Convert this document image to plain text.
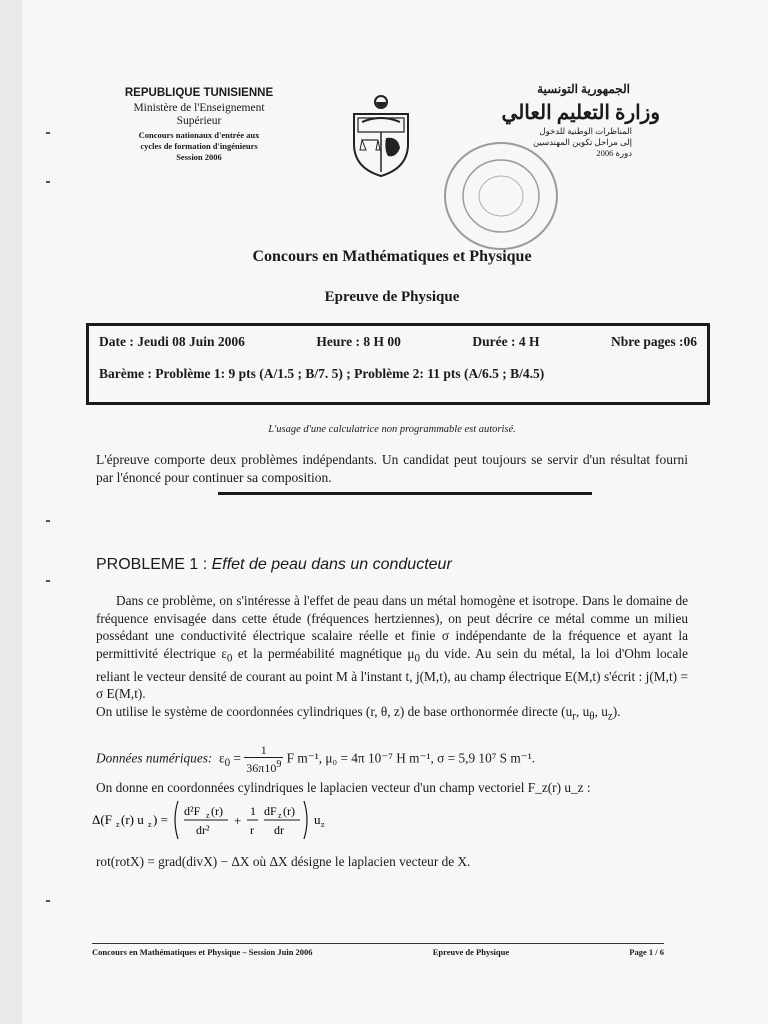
REPUBLIQUE TUNISIENNE
Ministère de l'Enseignement
Supérieur
Concours nationaux d'entrée aux
cycles de formation d'ingénieurs
Session 2006
الجمهورية التونسية
وزارة التعليم العالي
المناظرات الوطنية للدخول
إلى مراحل تكوين المهندسين
دورة 2006
Concours en Mathématiques et Physique
Epreuve de Physique
Date : Jeudi 08 Juin 2006	Heure : 8 H 00	Durée : 4 H	Nbre pages :06
Barème : Problème 1: 9 pts (A/1.5 ; B/7. 5) ; Problème 2: 11 pts (A/6.5 ; B/4.5)
L'usage d'une calculatrice non programmable est autorisé.
L'épreuve comporte deux problèmes indépendants. Un candidat peut toujours se servir d'un résultat fourni par l'énoncé pour continuer sa composition.
PROBLEME 1 : Effet de peau dans un conducteur

Dans ce problème, on s'intéresse à l'effet de peau dans un métal homogène et isotrope. Dans le domaine de fréquence envisagée dans cette étude (fréquences hertziennes), on peut décrire ce métal comme un milieu possédant une conductivité électrique scalaire réelle et finie σ indépendante de la fréquence et ayant la permittivité électrique $\varepsilon_0$ et la perméabilité magnétique $\mu_0$ du vide. Au sein du métal, la loi d'Ohm locale reliant le vecteur densité de courant au point M à l'instant t, j(M,t), au champ électrique E(M,t) s'écrit : j(M,t) = σ E(M,t).

On utilise le système de coordonnées cylindriques (r, θ, z) de base orthonormée directe ($u_r$, $u_\theta$, $u_z$).

Données numériques:  $\varepsilon_0 = \frac{1}{36\pi 10^9}$ F m⁻¹, μ₀ = 4π 10⁻⁷ H m⁻¹, σ = 5,9 10⁷ S m⁻¹.
On donne en coordonnées cylindriques le laplacien vecteur d'un champ vectoriel F_z(r) u_z :
Δ(F z (r) u z ) =
d²F z (r)
dr²
+
1
r
dF z (r)
dr
u z
rot(rotX) = grad(divX) − ΔX où ΔX désigne le laplacien vecteur de X.
Concours en Mathématiques et Physique – Session Juin 2006	Epreuve de Physique	Page 1 / 6
